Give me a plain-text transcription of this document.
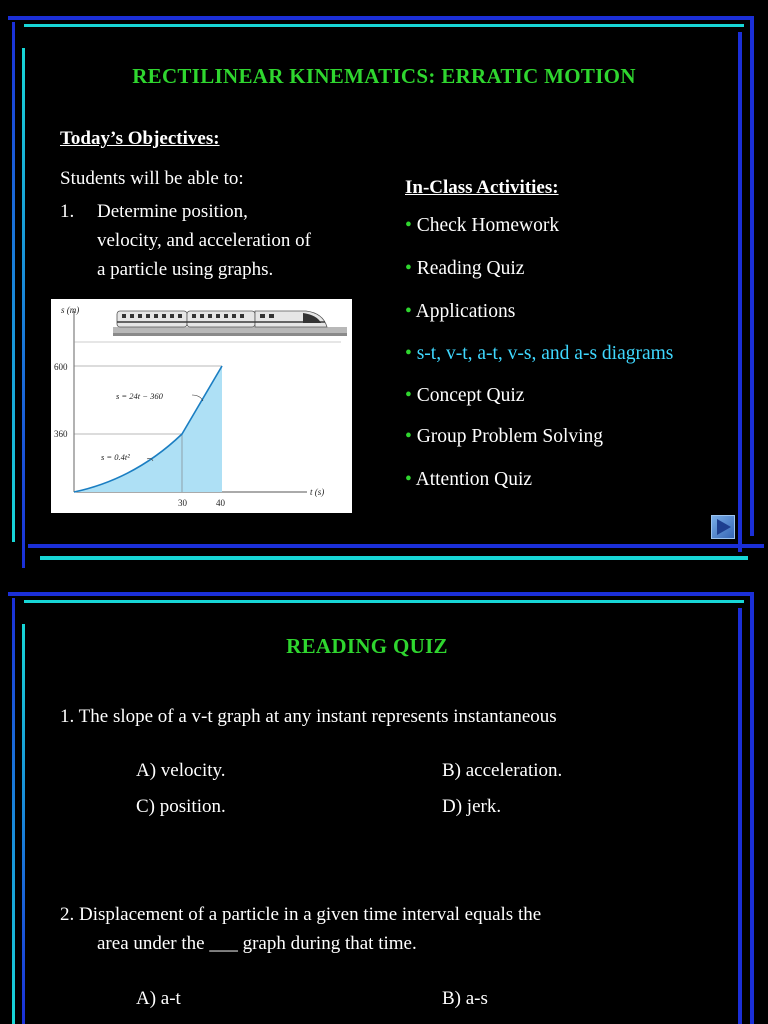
RECTILINEAR KINEMATICS: ERRATIC MOTION
Today’s Objectives:
Students will be able to:
1. Determine position,
velocity, and acceleration of
a particle using graphs.
s (m)
600
360
30	40
t (s)
s = 24t − 360
s = 0.4t²
In-Class Activities:
• Check Homework
• Reading Quiz
• Applications
• s-t, v-t, a-t, v-s, and a-s diagrams
• Concept Quiz
• Group Problem Solving
• Attention Quiz
READING QUIZ
1. The slope of a v-t graph at any instant represents instantaneous
A) velocity.	B) acceleration.
C) position.	D) jerk.
2. Displacement of a particle in a given time interval equals the
area under the ___ graph during that time.
A) a-t	B) a-s
